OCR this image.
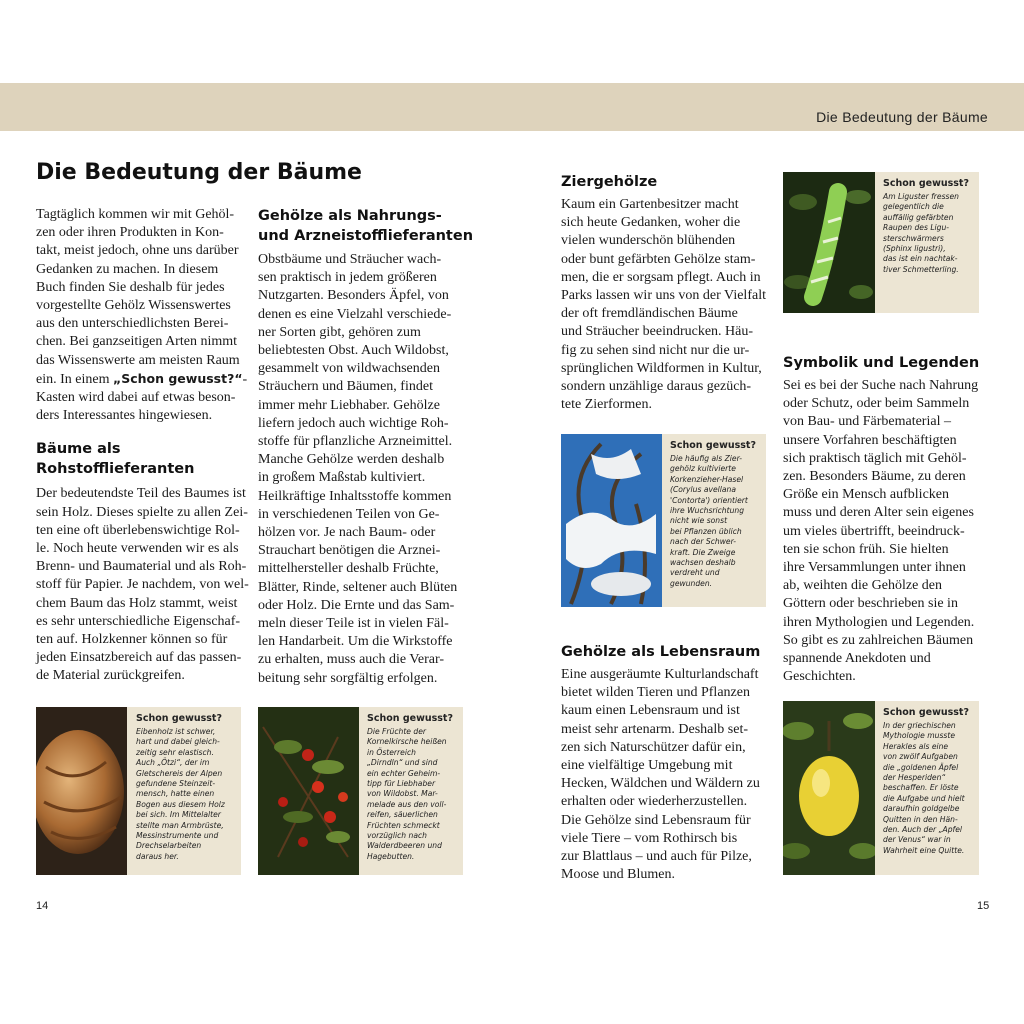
Die Bedeutung der Bäume
Die Bedeutung der Bäume

Tagtäglich kommen wir mit Gehöl-
zen oder ihren Produkten in Kon-
takt, meist jedoch, ohne uns darüber
Gedanken zu machen. In diesem
Buch finden Sie deshalb für jedes
vorgestellte Gehölz Wissenswertes
aus den unterschiedlichsten Berei-
chen. Bei ganzseitigen Arten nimmt
das Wissenswerte am meisten Raum
ein. In einem „Schon gewusst?“-
Kasten wird dabei auf etwas beson-
ders Interessantes hingewiesen.

Bäume als
Rohstofflieferanten

Der bedeutendste Teil des Baumes ist
sein Holz. Dieses spielte zu allen Zei-
ten eine oft überlebenswichtige Rol-
le. Noch heute verwenden wir es als
Brenn- und Baumaterial und als Roh-
stoff für Papier. Je nachdem, von wel-
chem Baum das Holz stammt, weist
es sehr unterschiedliche Eigenschaf-
ten auf. Holzkenner können so für
jeden Einsatzbereich auf das passen-
de Material zurückgreifen.

Gehölze als Nahrungs-
und Arzneistofflieferanten

Obstbäume und Sträucher wach-
sen praktisch in jedem größeren
Nutzgarten. Besonders Äpfel, von
denen es eine Vielzahl verschiede-
ner Sorten gibt, gehören zum
beliebtesten Obst. Auch Wildobst,
gesammelt von wildwachsenden
Sträuchern und Bäumen, findet
immer mehr Liebhaber. Gehölze
liefern jedoch auch wichtige Roh-
stoffe für pflanzliche Arzneimittel.
Manche Gehölze werden deshalb
in großem Maßstab kultiviert.
Heilkräftige Inhaltsstoffe kommen
in verschiedenen Teilen von Ge-
hölzen vor. Je nach Baum- oder
Strauchart benötigen die Arznei-
mittelhersteller deshalb Früchte,
Blätter, Rinde, seltener auch Blüten
oder Holz. Die Ernte und das Sam-
meln dieser Teile ist in vielen Fäl-
len Handarbeit. Um die Wirkstoffe
zu erhalten, muss auch die Verar-
beitung sehr sorgfältig erfolgen.

Schon gewusst?
Eibenholz ist schwer,
hart und dabei gleich-
zeitig sehr elastisch.
Auch „Ötzi“, der im
Gletschereis der Alpen
gefundene Steinzeit-
mensch, hatte einen
Bogen aus diesem Holz
bei sich. Im Mittelalter
stellte man Armbrüste,
Messinstrumente und
Drechselarbeiten
daraus her.
Schon gewusst?
Die Früchte der
Kornelkirsche heißen
in Österreich
„Dirndln“ und sind
ein echter Geheim-
tipp für Liebhaber
von Wildobst. Mar-
melade aus den voll-
reifen, säuerlichen
Früchten schmeckt
vorzüglich nach
Walderdbeeren und
Hagebutten.
14
Ziergehölze

Kaum ein Gartenbesitzer macht
sich heute Gedanken, woher die
vielen wunderschön blühenden
oder bunt gefärbten Gehölze stam-
men, die er sorgsam pflegt. Auch in
Parks lassen wir uns von der Vielfalt
der oft fremdländischen Bäume
und Sträucher beeindrucken. Häu-
fig zu sehen sind nicht nur die ur-
sprünglichen Wildformen in Kultur,
sondern unzählige daraus gezüch-
tete Zierformen.

Gehölze als Lebensraum

Eine ausgeräumte Kulturlandschaft
bietet wilden Tieren und Pflanzen
kaum einen Lebensraum und ist
meist sehr artenarm. Deshalb set-
zen sich Naturschützer dafür ein,
eine vielfältige Umgebung mit
Hecken, Wäldchen und Wäldern zu
erhalten oder wiederherzustellen.
Die Gehölze sind Lebensraum für
viele Tiere – vom Rothirsch bis
zur Blattlaus – und auch für Pilze,
Moose und Blumen.

Symbolik und Legenden

Sei es bei der Suche nach Nahrung
oder Schutz, oder beim Sammeln
von Bau- und Färbematerial –
unsere Vorfahren beschäftigten
sich praktisch täglich mit Gehöl-
zen. Besonders Bäume, zu deren
Größe ein Mensch aufblicken
muss und deren Alter sein eigenes
um vieles übertrifft, beeindruck-
ten sie schon früh. Sie hielten
ihre Versammlungen unter ihnen
ab, weihten die Gehölze den
Göttern oder beschrieben sie in
ihren Mythologien und Legenden.
So gibt es zu zahlreichen Bäumen
spannende Anekdoten und
Geschichten.

Schon gewusst?
Am Liguster fressen
gelegentlich die
auffällig gefärbten
Raupen des Ligu-
sterschwärmers
(Sphinx ligustri),
das ist ein nachtak-
tiver Schmetterling.
Schon gewusst?
Die häufig als Zier-
gehölz kultivierte
Korkenzieher-Hasel
(Corylus avellana
'Contorta') orientiert
ihre Wuchsrichtung
nicht wie sonst
bei Pflanzen üblich
nach der Schwer-
kraft. Die Zweige
wachsen deshalb
verdreht und
gewunden.
Schon gewusst?
In der griechischen
Mythologie musste
Herakles als eine
von zwölf Aufgaben
die „goldenen Äpfel
der Hesperiden“
beschaffen. Er löste
die Aufgabe und hielt
daraufhin goldgelbe
Quitten in den Hän-
den. Auch der „Apfel
der Venus“ war in
Wahrheit eine Quitte.
15
